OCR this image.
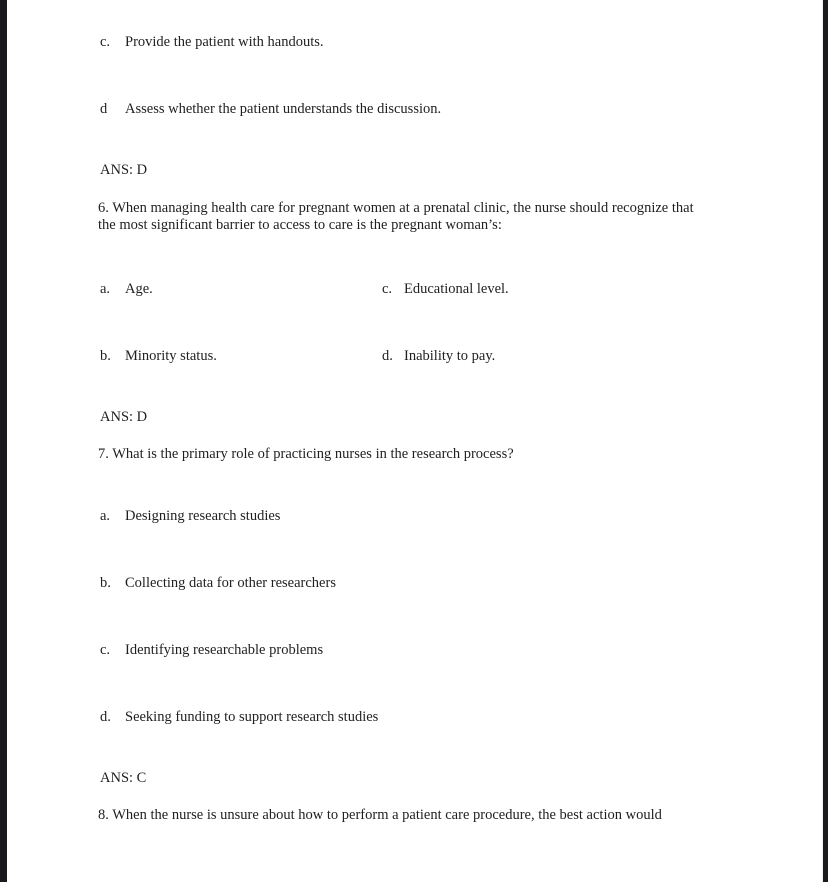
c. Provide the patient with handouts.
d Assess whether the patient understands the discussion.
ANS: D
6. When managing health care for pregnant women at a prenatal clinic, the nurse should recognize that the most significant barrier to access to care is the pregnant woman’s:
a. Age.	c. Educational level.
b. Minority status.	d. Inability to pay.
ANS: D
7. What is the primary role of practicing nurses in the research process?
a. Designing research studies
b. Collecting data for other researchers
c. Identifying researchable problems
d. Seeking funding to support research studies
ANS: C
8. When the nurse is unsure about how to perform a patient care procedure, the best action would
